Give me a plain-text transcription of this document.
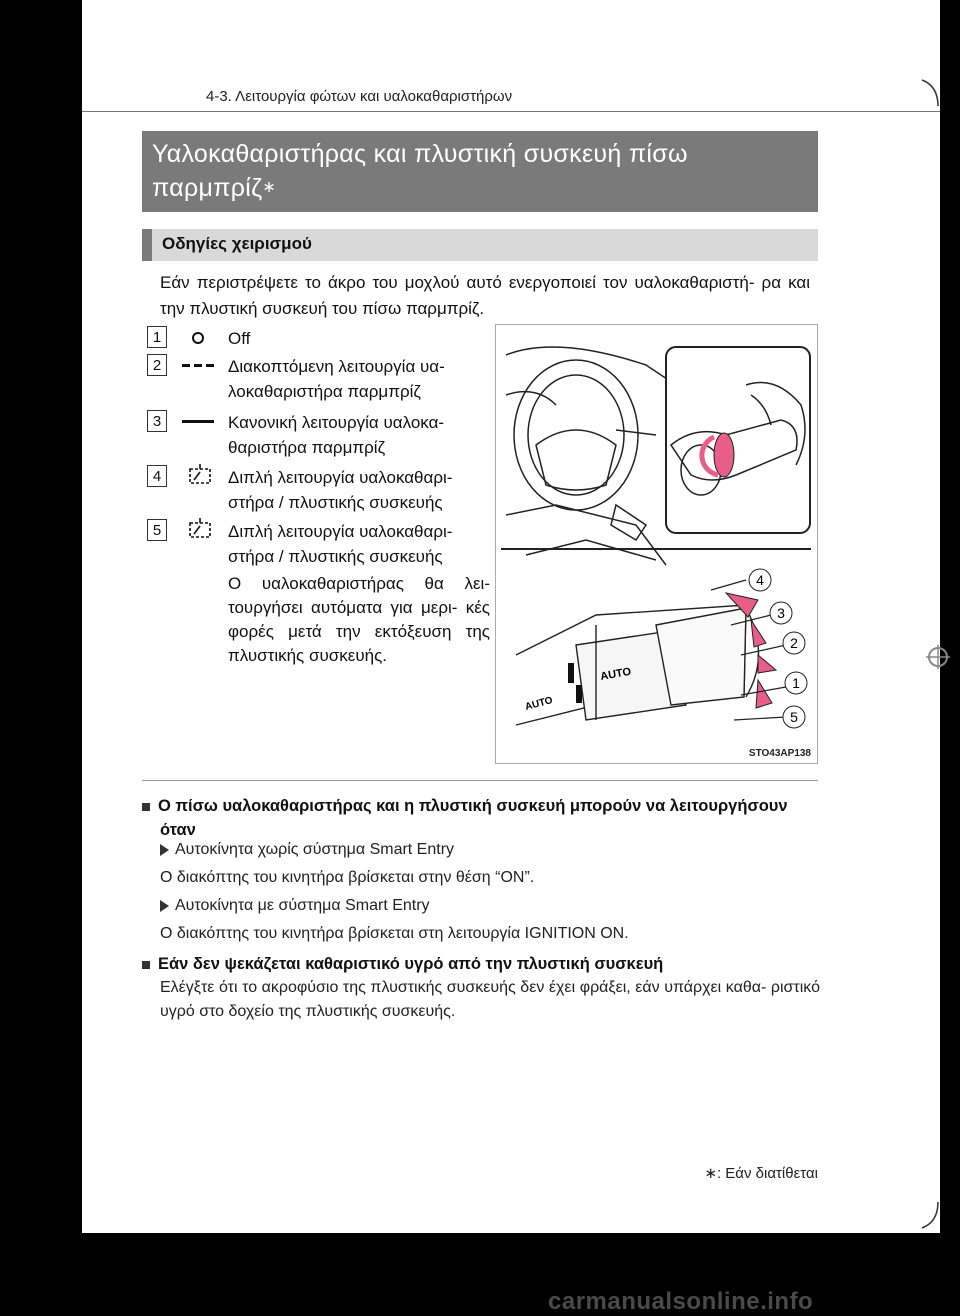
4-3. Λειτουργία φώτων και υαλοκαθαριστήρων
Υαλοκαθαριστήρας και πλυστική συσκευή πίσω παρμπρίζ∗
Οδηγίες χειρισμού
Εάν περιστρέψετε το άκρο του μοχλού αυτό ενεργοποιεί τον υαλοκαθαριστή- ρα και την πλυστική συσκευή του πίσω παρμπρίζ.
1	Off
2	Διακοπτόμενη λειτουργία υα-
λοκαθαριστήρα παρμπρίζ
3	Κανονική λειτουργία υαλοκα-
θαριστήρα παρμπρίζ
4	Διπλή λειτουργία υαλοκαθαρι-
στήρα / πλυστικής συσκευής
5	Διπλή λειτουργία υαλοκαθαρι-
στήρα / πλυστικής συσκευής
Ο υαλοκαθαριστήρας θα λει- τουργήσει αυτόματα για μερι- κές φορές μετά την εκτόξευση της πλυστικής συσκευής.
AUTO
AUTO
4
3
2
1
5
STO43AP138
Ο πίσω υαλοκαθαριστήρας και η πλυστική συσκευή μπορούν να λειτουργήσουν
όταν
Αυτοκίνητα χωρίς σύστημα Smart Entry
Ο διακόπτης του κινητήρα βρίσκεται στην θέση “ON”.
Αυτοκίνητα με σύστημα Smart Entry
Ο διακόπτης του κινητήρα βρίσκεται στη λειτουργία IGNITION ON.
Εάν δεν ψεκάζεται καθαριστικό υγρό από την πλυστική συσκευή
Ελέγξτε ότι το ακροφύσιο της πλυστικής συσκευής δεν έχει φράξει, εάν υπάρχει καθα- ριστικό υγρό στο δοχείο της πλυστικής συσκευής.
∗: Εάν διατίθεται
carmanualsonline.info
